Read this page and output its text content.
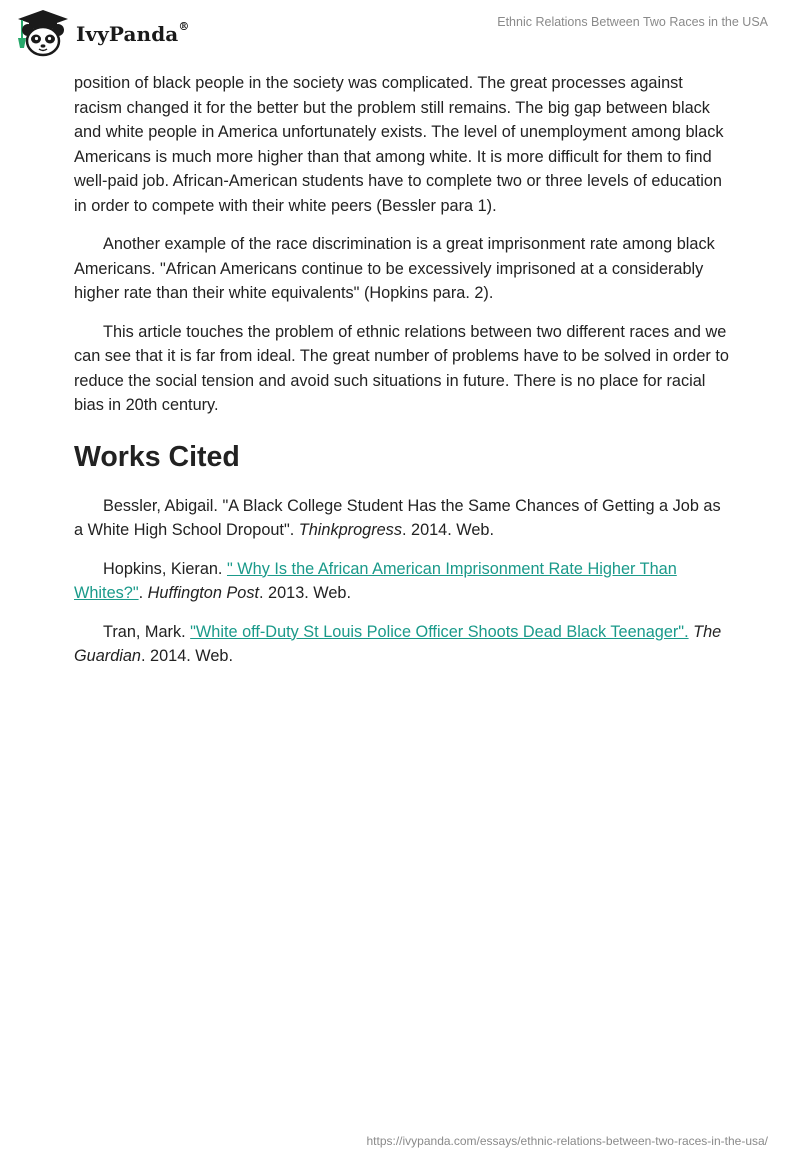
IvyPanda®	Ethnic Relations Between Two Races in the USA

position of black people in the society was complicated. The great processes against racism changed it for the better but the problem still remains. The big gap between black and white people in America unfortunately exists. The level of unemployment among black Americans is much more higher than that among white. It is more difficult for them to find well-paid job. African-American students have to complete two or three levels of education in order to compete with their white peers (Bessler para 1).

Another example of the race discrimination is a great imprisonment rate among black Americans. "African Americans continue to be excessively imprisoned at a considerably higher rate than their white equivalents" (Hopkins para. 2).

This article touches the problem of ethnic relations between two different races and we can see that it is far from ideal. The great number of problems have to be solved in order to reduce the social tension and avoid such situations in future. There is no place for racial bias in 20th century.

Works Cited

Bessler, Abigail. "A Black College Student Has the Same Chances of Getting a Job as a White High School Dropout". Thinkprogress. 2014. Web.

Hopkins, Kieran. " Why Is the African American Imprisonment Rate Higher Than Whites?". Huffington Post. 2013. Web.

Tran, Mark. "White off-Duty St Louis Police Officer Shoots Dead Black Teenager". The Guardian. 2014. Web.

https://ivypanda.com/essays/ethnic-relations-between-two-races-in-the-usa/
